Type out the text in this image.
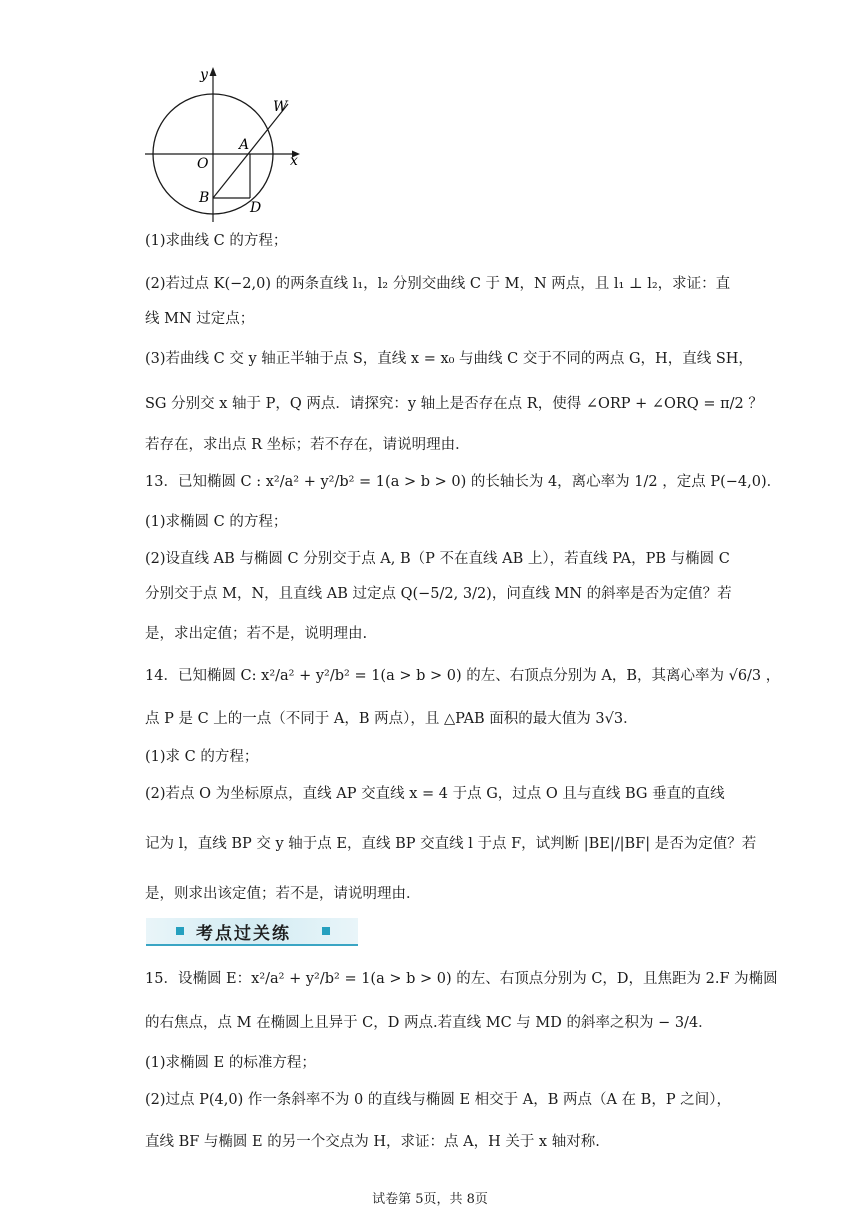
y
x
O
W
A
B
D
(1)求曲线 C 的方程；
(2)若过点 K(−2,0) 的两条直线 l₁，l₂ 分别交曲线 C 于 M，N 两点，且 l₁ ⊥ l₂，求证：直
线 MN 过定点；
(3)若曲线 C 交 y 轴正半轴于点 S，直线 x = x₀ 与曲线 C 交于不同的两点 G，H，直线 SH，
SG 分别交 x 轴于 P，Q 两点．请探究：y 轴上是否存在点 R，使得 ∠ORP + ∠ORQ = π/2 ？
若存在，求出点 R 坐标；若不存在，请说明理由．
13．已知椭圆 C : x²/a² + y²/b² = 1(a > b > 0) 的长轴长为 4，离心率为 1/2 ，定点 P(−4,0)．
(1)求椭圆 C 的方程；
(2)设直线 AB 与椭圆 C 分别交于点 A, B（P 不在直线 AB 上），若直线 PA，PB 与椭圆 C
分别交于点 M，N，且直线 AB 过定点 Q(−5/2, 3/2)，问直线 MN 的斜率是否为定值？若
是，求出定值；若不是，说明理由.
14．已知椭圆 C: x²/a² + y²/b² = 1(a > b > 0) 的左、右顶点分别为 A，B，其离心率为 √6/3 ，
点 P 是 C 上的一点（不同于 A，B 两点），且 △PAB 面积的最大值为 3√3．
(1)求 C 的方程；
(2)若点 O 为坐标原点，直线 AP 交直线 x = 4 于点 G，过点 O 且与直线 BG 垂直的直线
记为 l，直线 BP 交 y 轴于点 E，直线 BP 交直线 l 于点 F，试判断 |BE|/|BF| 是否为定值？若
是，则求出该定值；若不是，请说明理由．
考点过关练
15．设椭圆 E：x²/a² + y²/b² = 1(a > b > 0) 的左、右顶点分别为 C，D，且焦距为 2.F 为椭圆
的右焦点，点 M 在椭圆上且异于 C，D 两点.若直线 MC 与 MD 的斜率之积为 − 3/4．
(1)求椭圆 E 的标准方程；
(2)过点 P(4,0) 作一条斜率不为 0 的直线与椭圆 E 相交于 A，B 两点（A 在 B，P 之间），
直线 BF 与椭圆 E 的另一个交点为 H，求证：点 A，H 关于 x 轴对称.
试卷第 5页，共 8页
